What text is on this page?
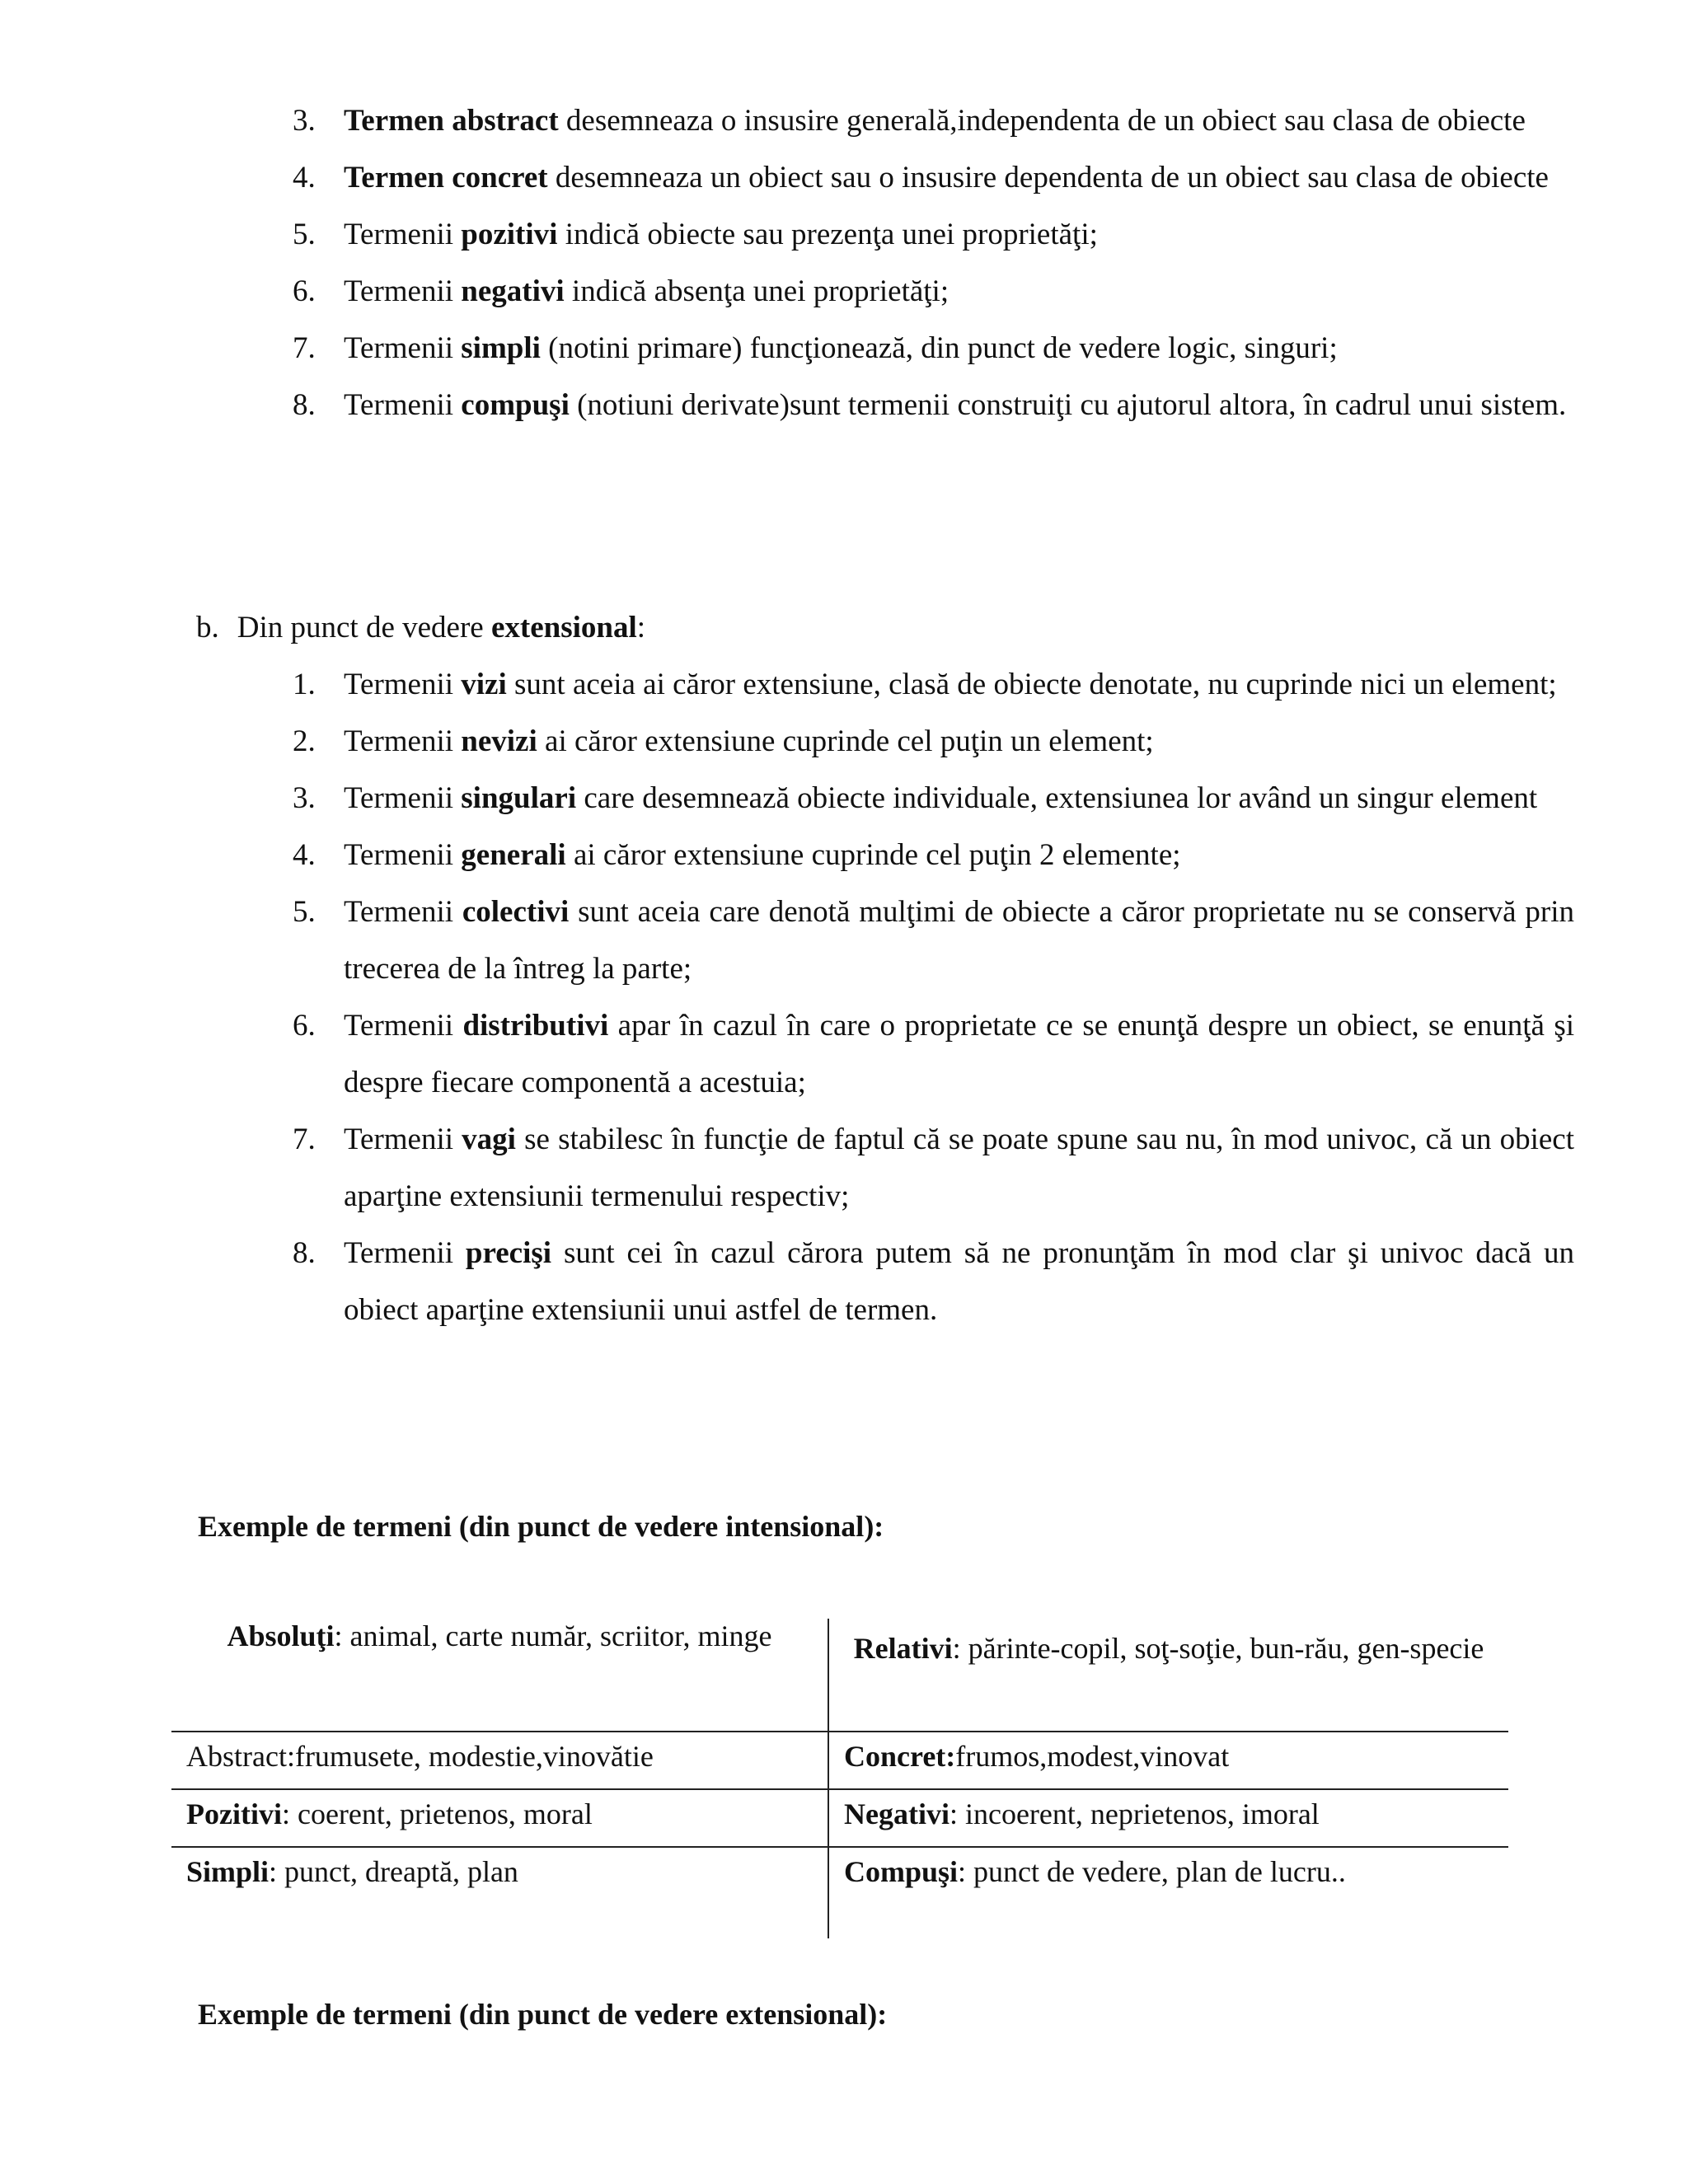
3. Termen abstract desemneaza o insusire generală,independenta de un obiect sau clasa de obiecte
4. Termen concret desemneaza un obiect sau o insusire dependenta de un obiect sau clasa de obiecte
5. Termenii pozitivi indică obiecte sau prezenţa unei proprietăţi;
6. Termenii negativi indică absenţa unei proprietăţi;
7. Termenii simpli (notini primare) funcţionează, din punct de vedere logic, singuri;
8. Termenii compuşi (notiuni derivate)sunt termenii construiţi cu ajutorul altora, în cadrul unui sistem.
b. Din punct de vedere extensional:
1. Termenii vizi sunt aceia ai căror extensiune, clasă de obiecte denotate, nu cuprinde nici un element;
2. Termenii nevizi ai căror extensiune cuprinde cel puţin un element;
3. Termenii singulari care desemnează obiecte individuale, extensiunea lor având un singur element
4. Termenii generali ai căror extensiune cuprinde cel puţin 2 elemente;
5. Termenii colectivi sunt aceia care denotă mulţimi de obiecte a căror proprietate nu se conservă prin trecerea de la întreg la parte;
6. Termenii distributivi apar în cazul în care o proprietate ce se enunţă despre un obiect, se enunţă şi despre fiecare componentă a acestuia;
7. Termenii vagi se stabilesc în funcţie de faptul că se poate spune sau nu, în mod univoc, că un obiect aparţine extensiunii termenului respectiv;
8. Termenii precişi sunt cei în cazul cărora putem să ne pronunţăm în mod clar şi univoc dacă un obiect aparţine extensiunii unui astfel de termen.
Exemple de termeni (din punct de vedere intensional):
Absoluţi: animal, carte număr, scriitor, minge	Relativi: părinte-copil, soţ-soţie, bun-rău, gen-specie
Abstract:frumusete, modestie,vinovătie	Concret:frumos,modest,vinovat
Pozitivi: coerent, prietenos, moral	Negativi: incoerent, neprietenos, imoral
Simpli: punct, dreaptă, plan	Compuşi: punct de vedere, plan de lucru..
Exemple de termeni (din punct de vedere extensional):
